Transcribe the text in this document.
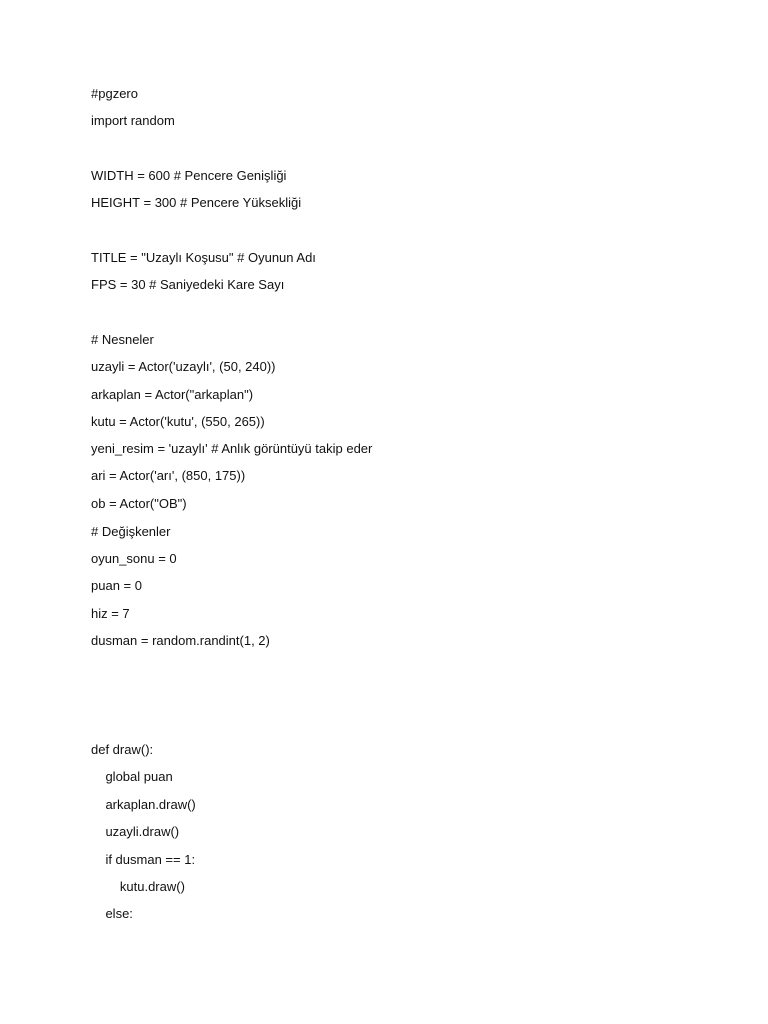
#pgzero
import random
WIDTH = 600 # Pencere Genişliği
HEIGHT = 300 # Pencere Yüksekliği
TITLE = "Uzaylı Koşusu" # Oyunun Adı
FPS = 30 # Saniyedeki Kare Sayı
# Nesneler
uzayli = Actor('uzaylı', (50, 240))
arkaplan = Actor("arkaplan")
kutu = Actor('kutu', (550, 265))
yeni_resim = 'uzaylı' # Anlık görüntüyü takip eder
ari = Actor('arı', (850, 175))
ob = Actor("OB")
# Değişkenler
oyun_sonu = 0
puan = 0
hiz = 7
dusman = random.randint(1, 2)
def draw():
global puan
arkaplan.draw()
uzayli.draw()
if dusman == 1:
kutu.draw()
else:
